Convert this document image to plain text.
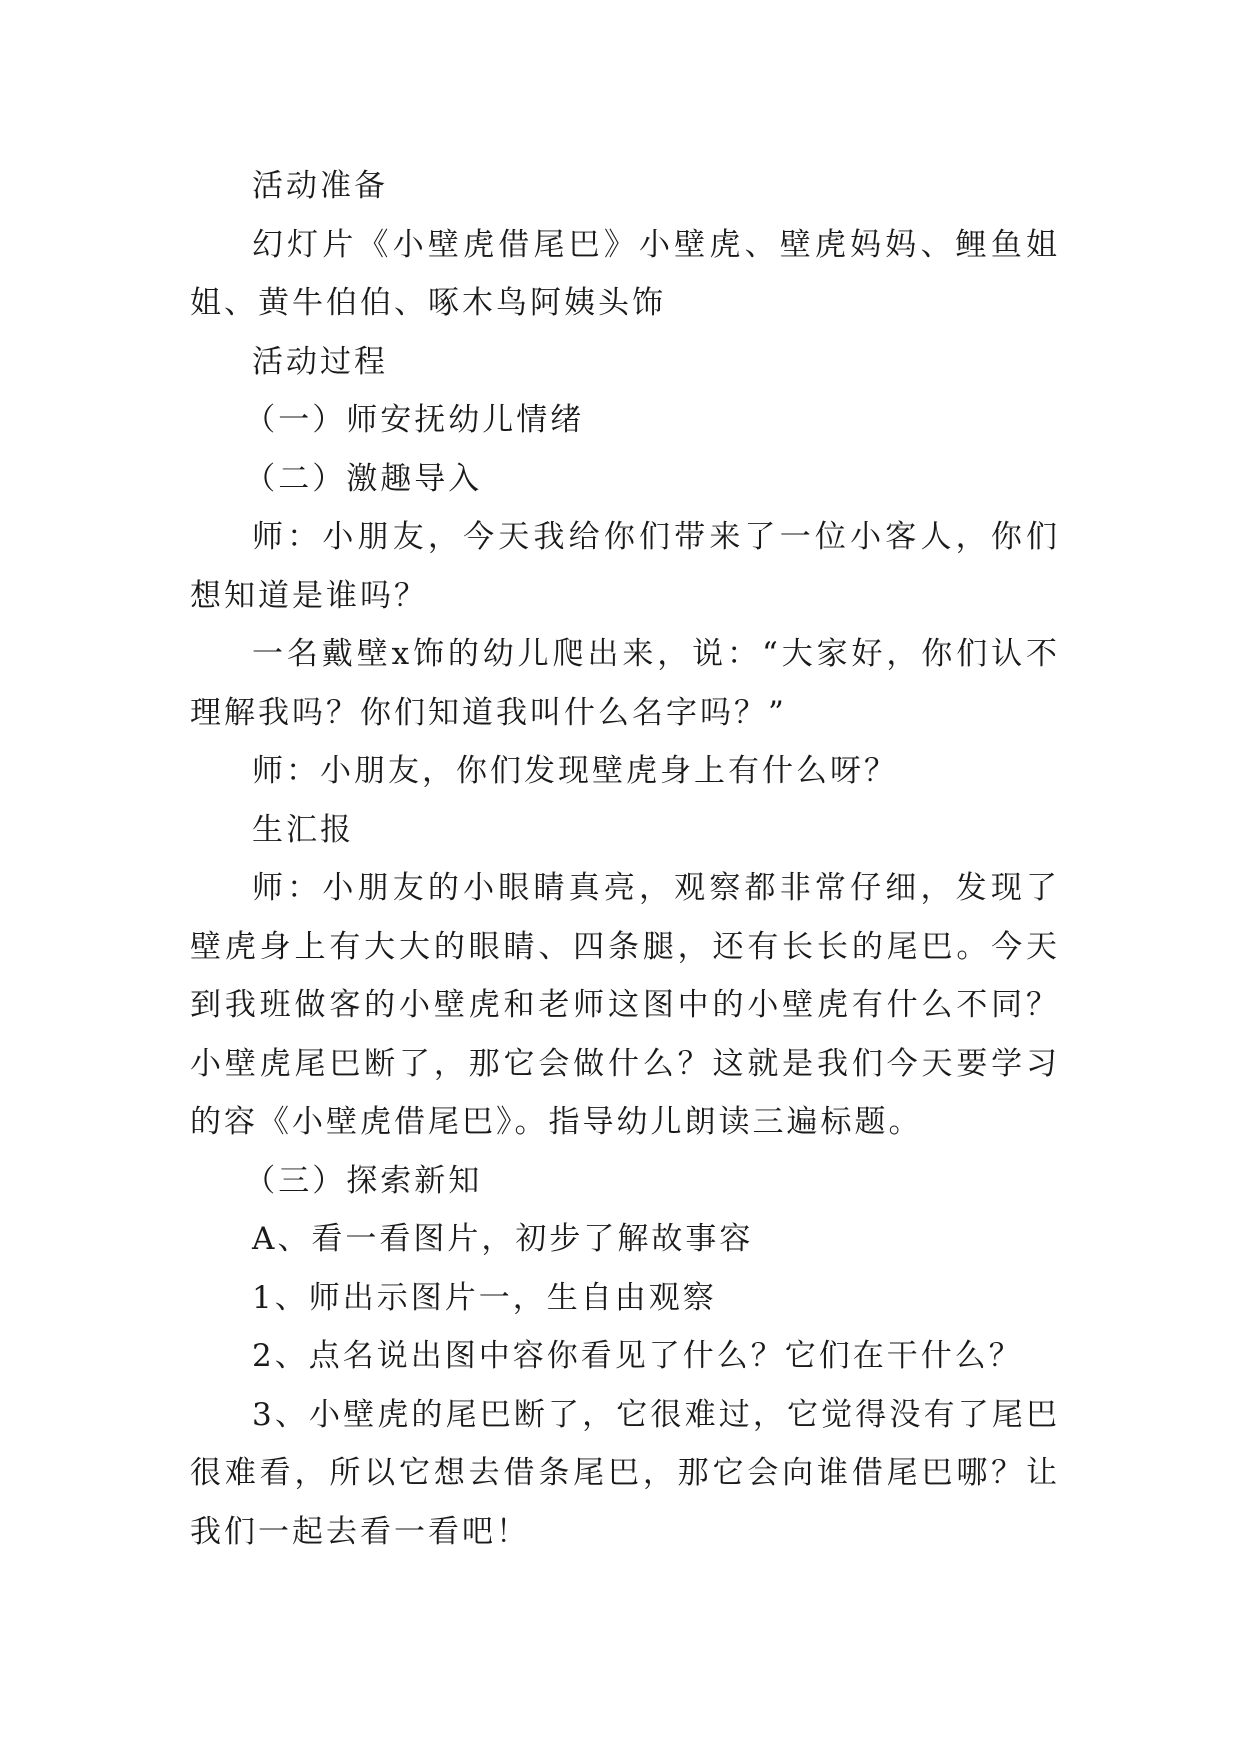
活动准备

幻灯片《小壁虎借尾巴》小壁虎、壁虎妈妈、鲤鱼姐姐、黄牛伯伯、啄木鸟阿姨头饰

活动过程

（一）师安抚幼儿情绪

（二）激趣导入

师：小朋友，今天我给你们带来了一位小客人，你们想知道是谁吗？

一名戴壁x饰的幼儿爬出来，说：“大家好，你们认不理解我吗？你们知道我叫什么名字吗？”

师：小朋友，你们发现壁虎身上有什么呀？

生汇报

师：小朋友的小眼睛真亮，观察都非常仔细，发现了壁虎身上有大大的眼睛、四条腿，还有长长的尾巴。今天到我班做客的小壁虎和老师这图中的小壁虎有什么不同？小壁虎尾巴断了，那它会做什么？这就是我们今天要学习的容《小壁虎借尾巴》。指导幼儿朗读三遍标题。

（三）探索新知

A、看一看图片，初步了解故事容

1、师出示图片一，生自由观察

2、点名说出图中容你看见了什么？它们在干什么？

3、小壁虎的尾巴断了，它很难过，它觉得没有了尾巴很难看，所以它想去借条尾巴，那它会向谁借尾巴哪？让我们一起去看一看吧！
